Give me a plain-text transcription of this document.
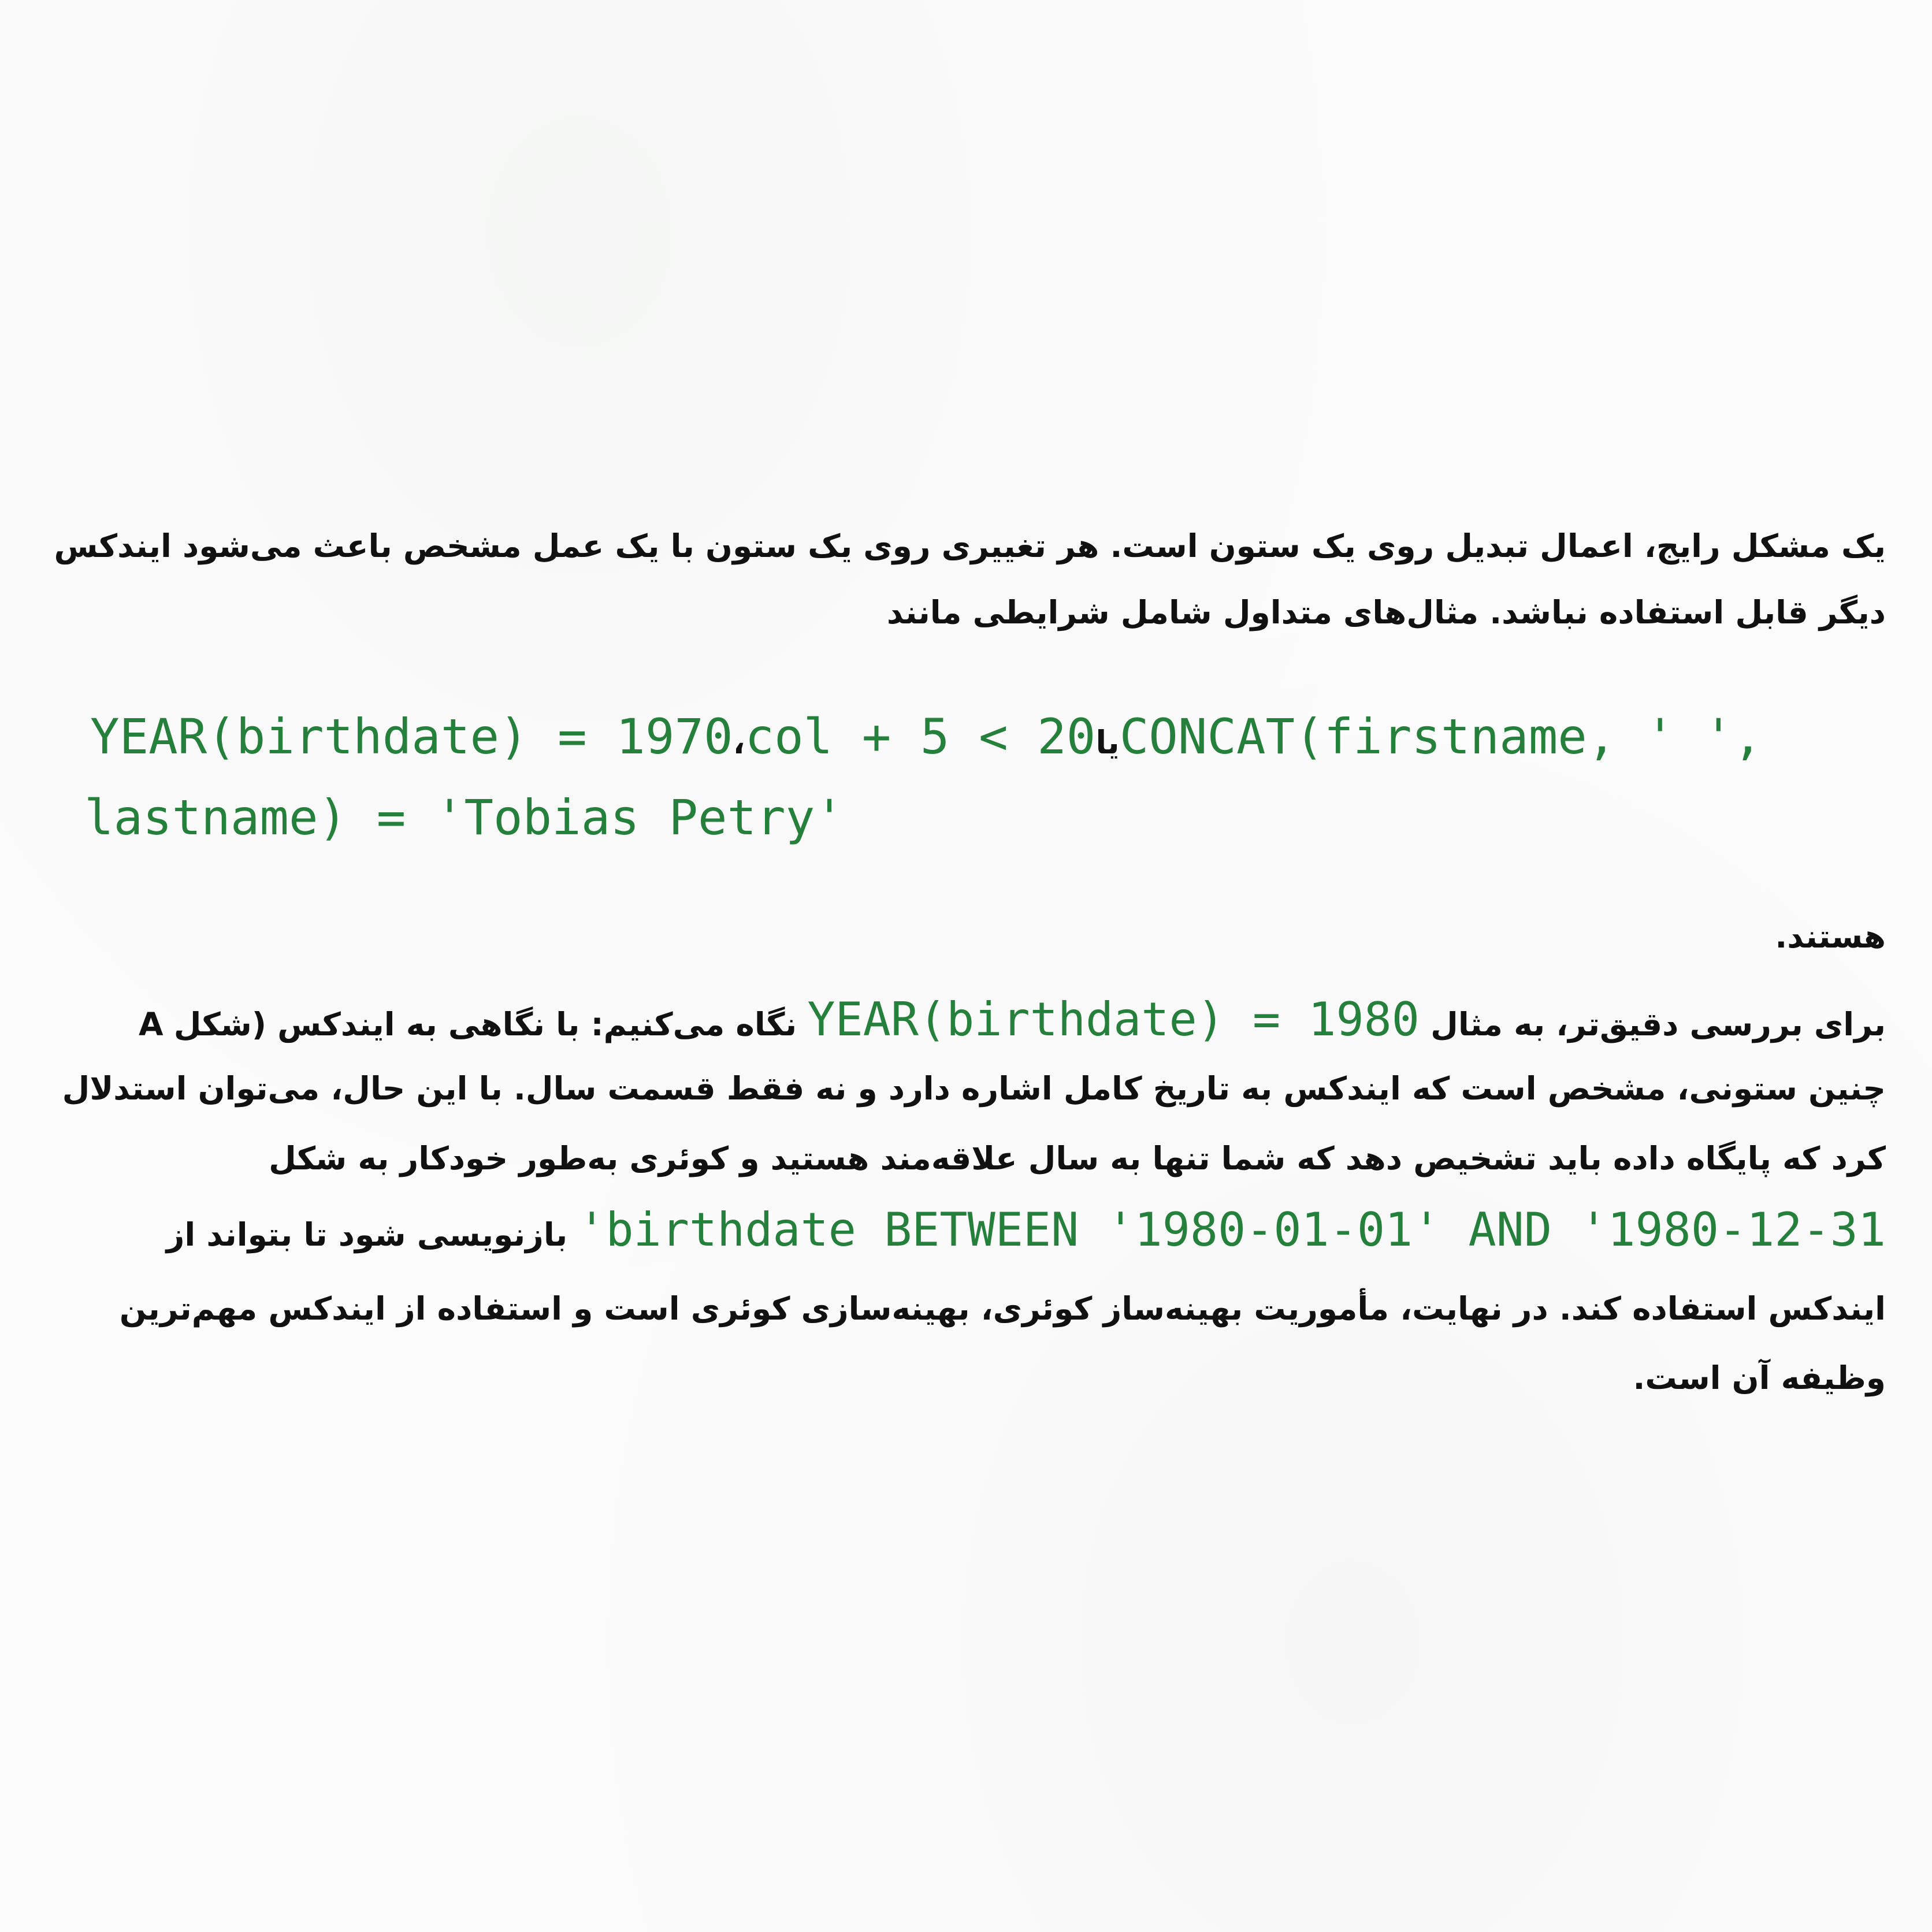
یک مشکل رایج، اعمال تبدیل روی یک ستون است. هر تغییری روی یک ستون با یک عمل مشخص باعث می‌شود ایندکس
دیگر قابل استفاده نباشد. مثال‌های متداول شامل شرایطی مانند
YEAR(birthdate) = 1970،col + 5 < 20یاCONCAT(firstname, ' ',
lastname) = 'Tobias Petry'
هستند.
برای بررسی دقیق‌تر، به مثال YEAR(birthdate) = 1980 نگاه می‌کنیم: با نگاهی به ایندکس (شکل A
چنین ستونی، مشخص است که ایندکس به تاریخ کامل اشاره دارد و نه فقط قسمت سال. با این حال، می‌توان استدلال
کرد که پایگاه داده باید تشخیص دهد که شما تنها به سال علاقه‌مند هستید و کوئری به‌طور خودکار به شکل
'birthdate BETWEEN '1980-01-01' AND '1980-12-31 بازنویسی شود تا بتواند از
ایندکس استفاده کند. در نهایت، مأموریت بهینه‌ساز کوئری، بهینه‌سازی کوئری است و استفاده از ایندکس مهم‌ترین
وظیفه آن است.
